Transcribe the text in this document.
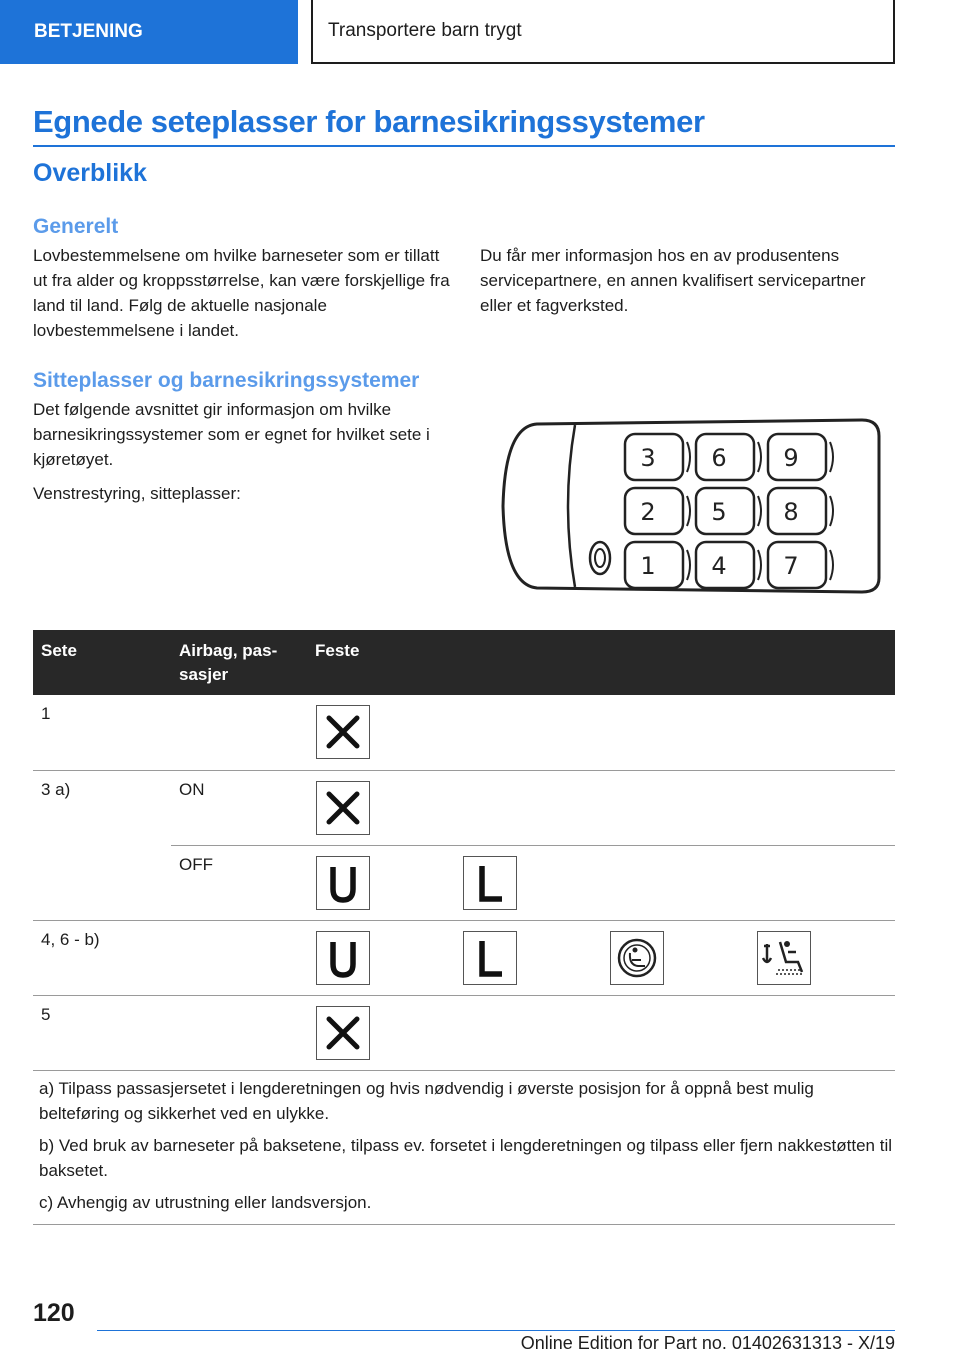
BETJENING	Transportere barn trygt
Egnede seteplasser for barnesikringssystemer
Overblikk
Generelt

Lovbestemmelsene om hvilke barneseter som er tillatt ut fra alder og kroppsstørrelse, kan være forskjellige fra land til land. Følg de aktuelle nasjonale lovbestemmelsene i landet.

Du får mer informasjon hos en av produsentens servicepartnere, en annen kvalifisert servicepartner eller et fagverksted.

Sitteplasser og barnesikringssystemer

Det følgende avsnittet gir informasjon om hvilke barnesikringssystemer som er egnet for hvilket sete i kjøretøyet.

Venstrestyring, sitteplasser:

3 6 9
2 5 8
1 4 7
Sete	Airbag, passasjer	Feste			
1		

3 a)	ON	

	OFF	

4, 6 - b)		

5		

a) Tilpass passasjersetet i lengderetningen og hvis nødvendig i øverste posisjon for å oppnå best mulig belteføring og sikkerhet ved en ulykke.

b) Ved bruk av barneseter på baksetene, tilpass ev. forsetet i lengderetningen og tilpass eller fjern nakkestøtten til baksetet.

c) Avhengig av utrustning eller landsversjon.

120
Online Edition for Part no. 01402631313 - X/19
